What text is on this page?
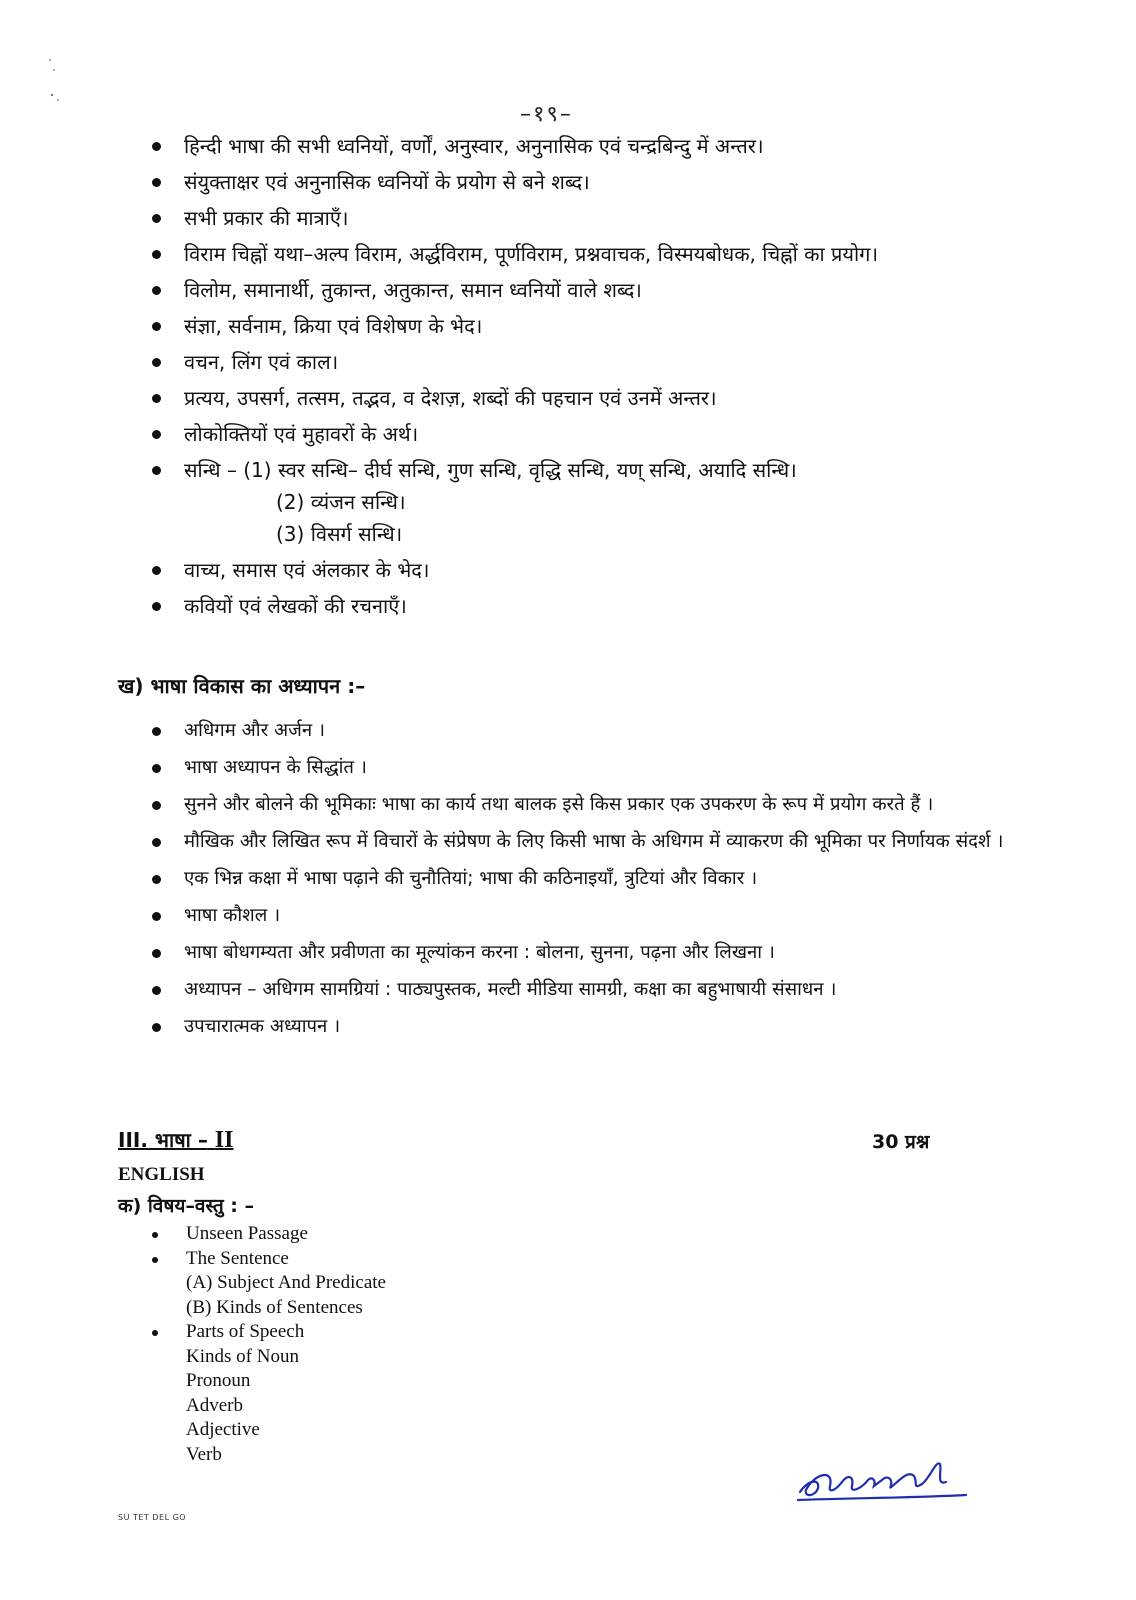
–१९–
हिन्दी भाषा की सभी ध्वनियों, वर्णों, अनुस्वार, अनुनासिक एवं चन्द्रबिन्दु में अन्तर।
संयुक्ताक्षर एवं अनुनासिक ध्वनियों के प्रयोग से बने शब्द।
सभी प्रकार की मात्राएँ।
विराम चिह्नों यथा–अल्प विराम, अर्द्धविराम, पूर्णविराम, प्रश्नवाचक, विस्मयबोधक, चिह्नों का प्रयोग।
विलोम, समानार्थी, तुकान्त, अतुकान्त, समान ध्वनियों वाले शब्द।
संज्ञा, सर्वनाम, क्रिया एवं विशेषण के भेद।
वचन, लिंग एवं काल।
प्रत्यय, उपसर्ग, तत्सम, तद्भव, व देशज़, शब्दों की पहचान एवं उनमें अन्तर।
लोकोक्तियों एवं मुहावरों के अर्थ।
सन्धि – (1) स्वर सन्धि– दीर्घ सन्धि, गुण सन्धि, वृद्धि सन्धि, यण् सन्धि, अयादि सन्धि।
(2) व्यंजन सन्धि।
(3) विसर्ग सन्धि।
वाच्य, समास एवं अंलकार के भेद।
कवियों एवं लेखकों की रचनाएँ।
ख) भाषा विकास का अध्यापन :–
अधिगम और अर्जन ।
भाषा अध्यापन के सिद्धांत ।
सुनने और बोलने की भूमिकाः भाषा का कार्य तथा बालक इसे किस प्रकार एक उपकरण के रूप में प्रयोग करते हैं ।
मौखिक और लिखित रूप में विचारों के संप्रेषण के लिए किसी भाषा के अधिगम में व्याकरण की भूमिका पर निर्णायक संदर्श ।
एक भिन्न कक्षा में भाषा पढ़ाने की चुनौतियां; भाषा की कठिनाइयाँ, त्रुटियां और विकार ।
भाषा कौशल ।
भाषा बोधगम्यता और प्रवीणता का मूल्यांकन करना : बोलना, सुनना, पढ़ना और लिखना ।
अध्यापन – अधिगम सामग्रियां : पाठ्यपुस्तक, मल्टी मीडिया सामग्री, कक्षा का बहुभाषायी संसाधन ।
उपचारात्मक अध्यापन ।
III. भाषा – II	30 प्रश्न
ENGLISH
क) विषय–वस्तु : –
Unseen Passage
The Sentence
(A) Subject And Predicate
(B) Kinds of Sentences
Parts of Speech
Kinds of Noun
Pronoun
Adverb
Adjective
Verb
SU TET DEL GO
